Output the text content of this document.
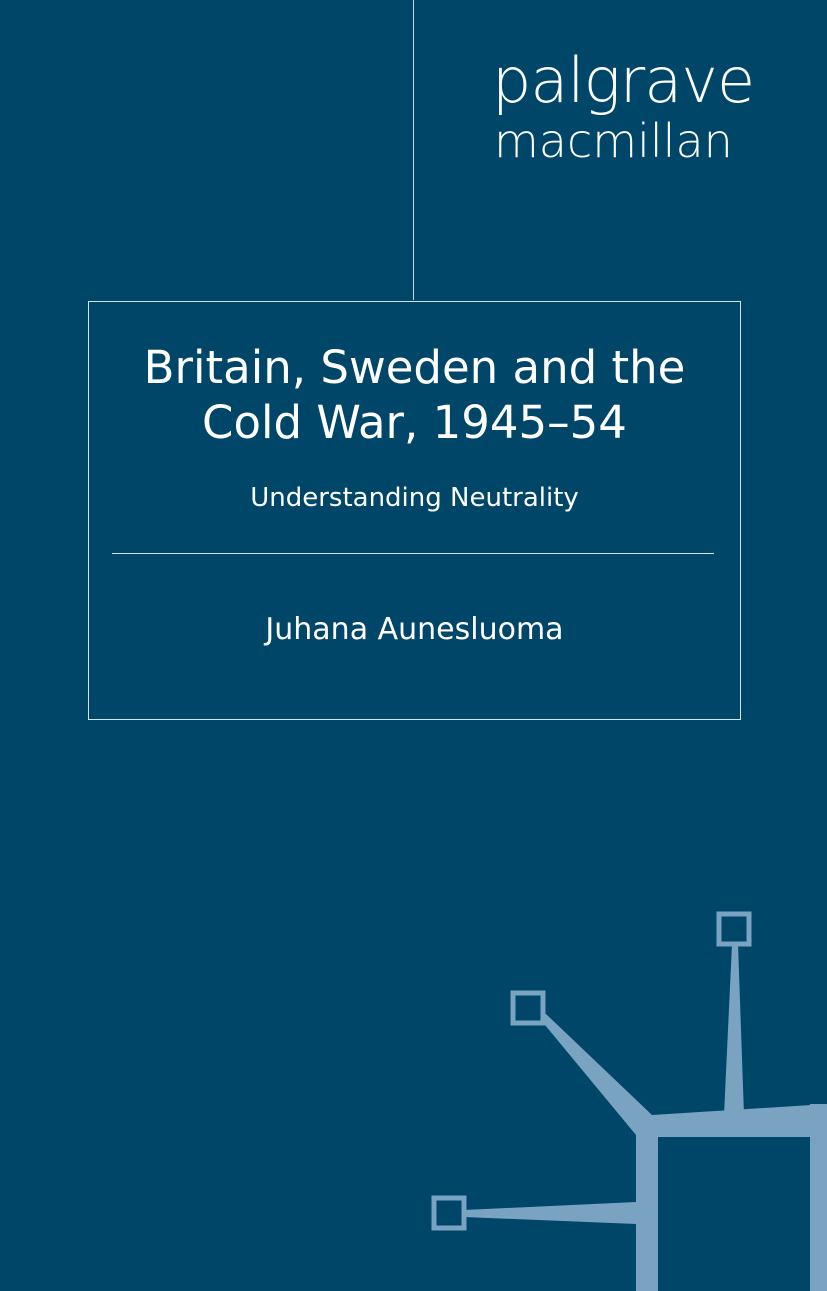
palgrave
macmillan
Britain, Sweden and the
Cold War, 1945–54
Understanding Neutrality
Juhana Aunesluoma
